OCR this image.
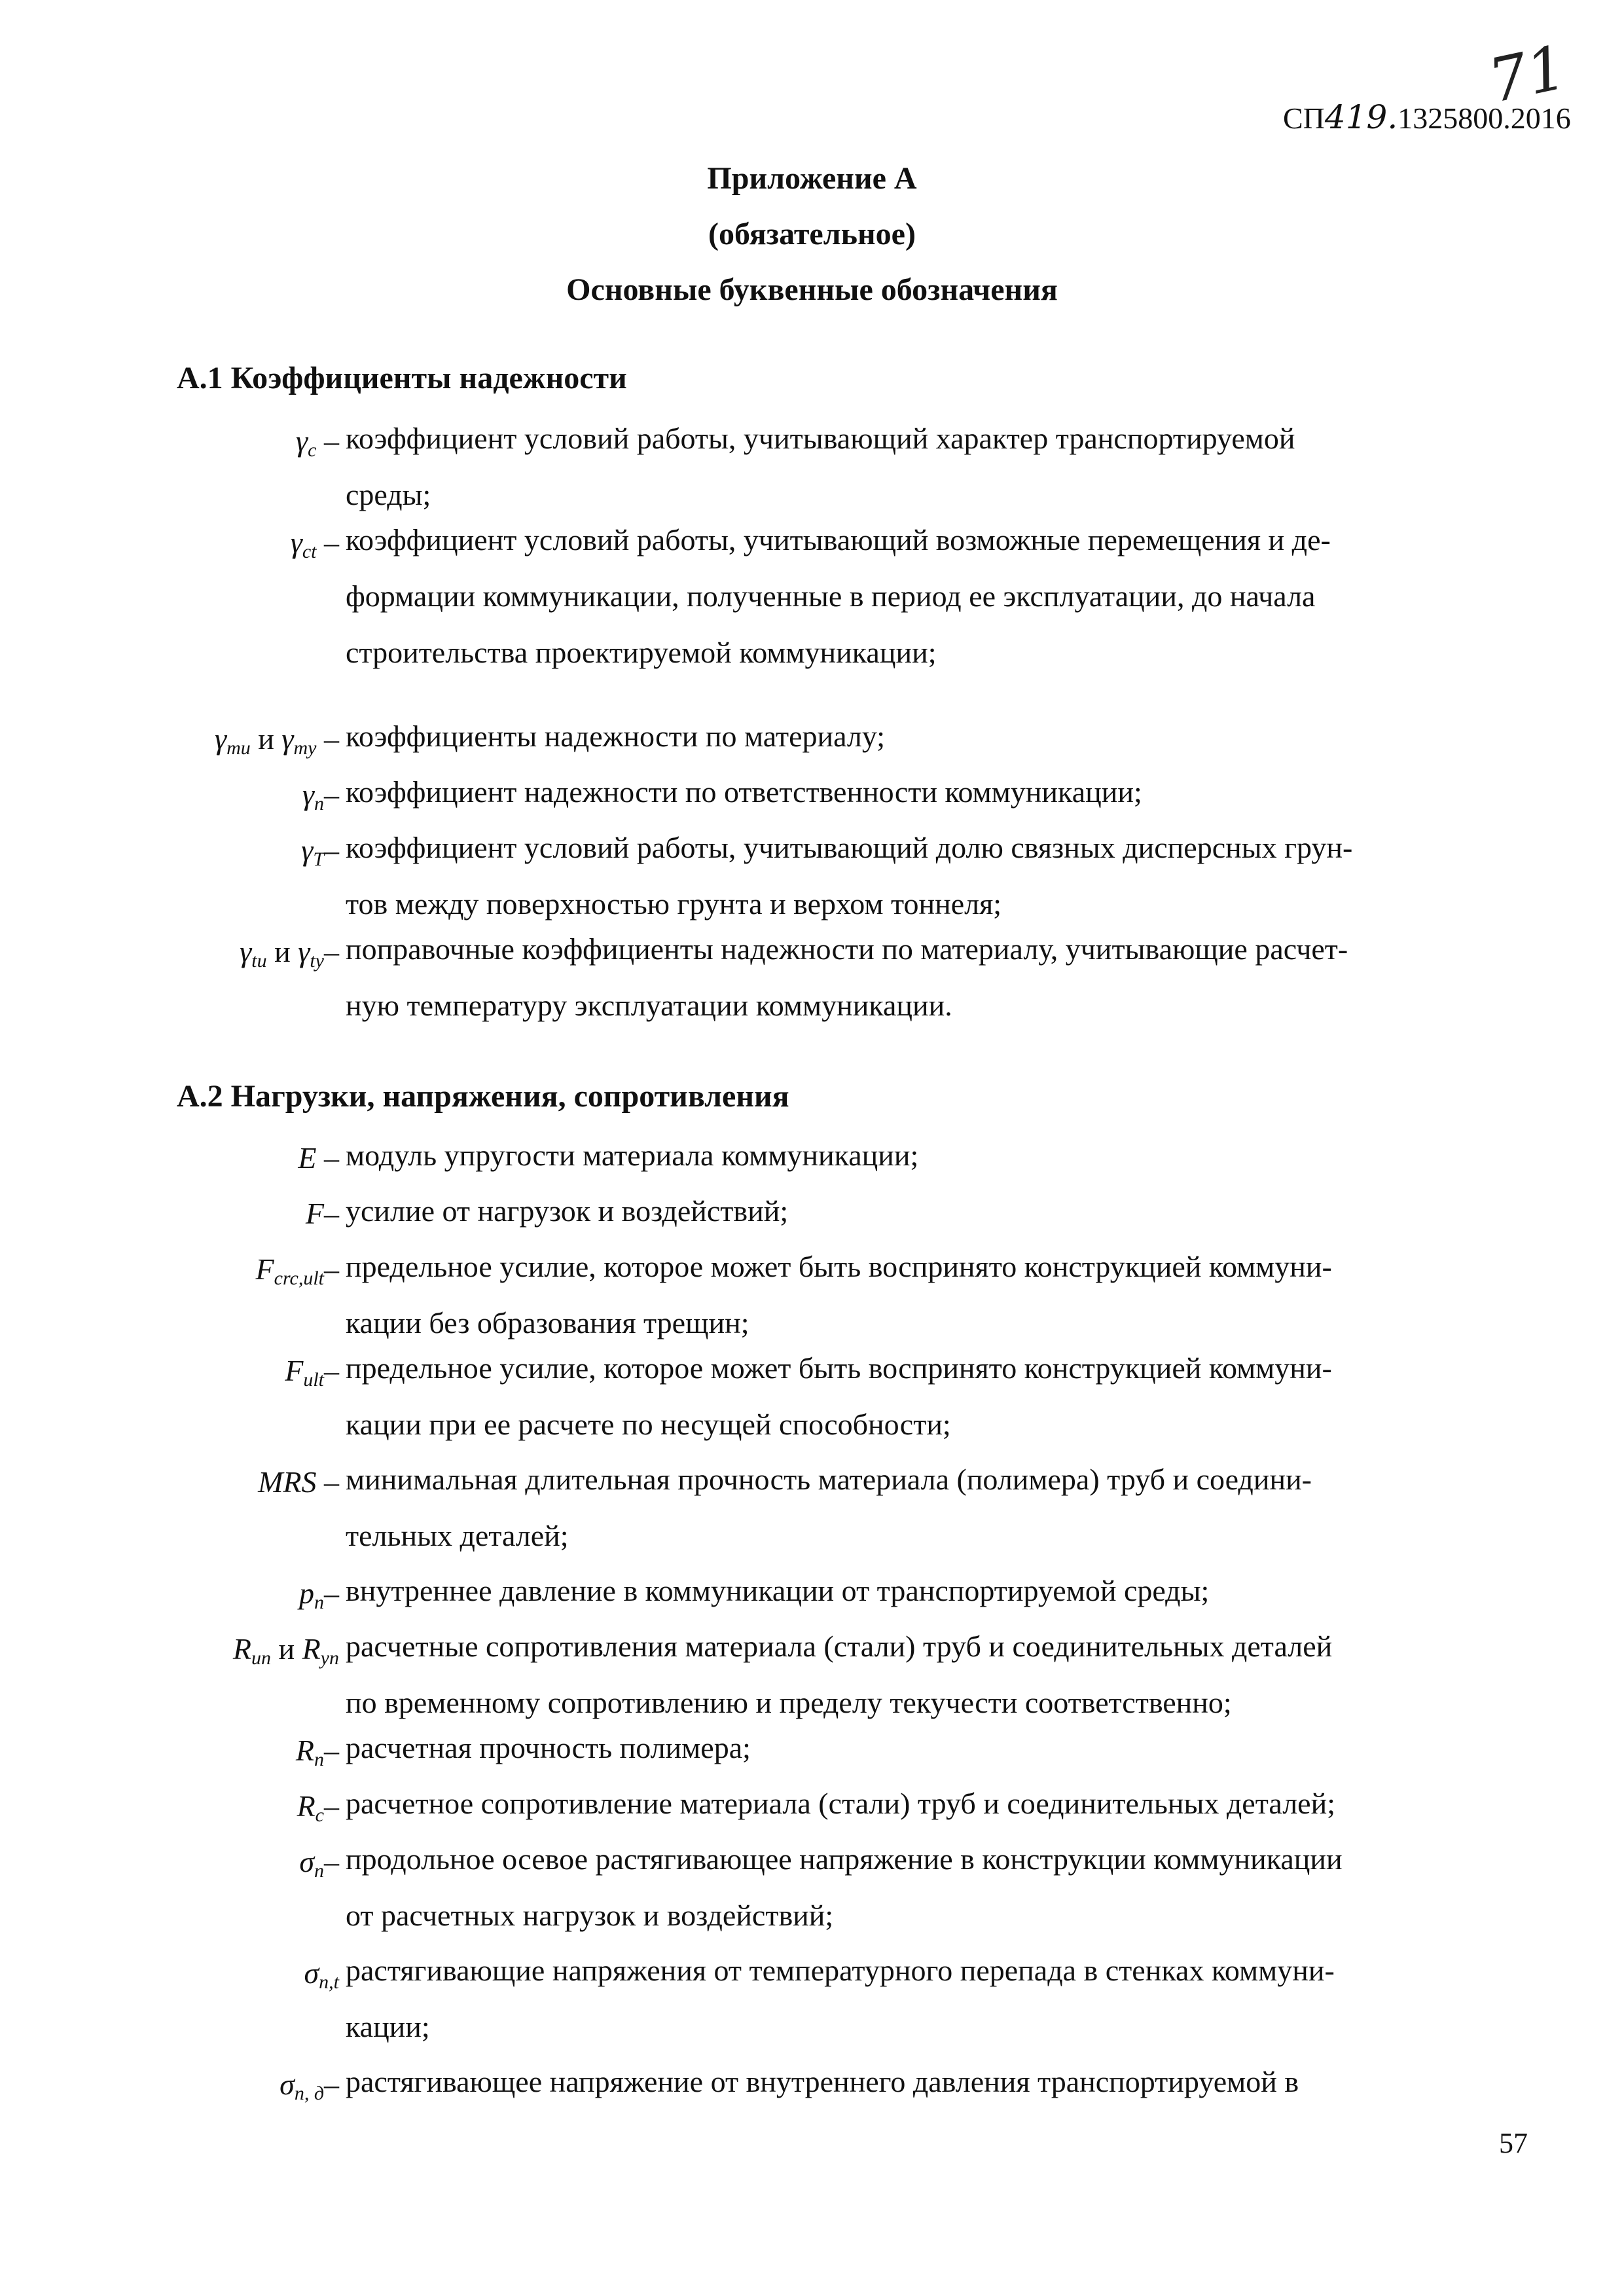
71
СП419.1325800.2016
Приложение А
(обязательное)
Основные буквенные обозначения
А.1 Коэффициенты надежности
А.2 Нагрузки, напряжения, сопротивления
$\gamma_c$ – коэффициент условий работы, учитывающий характер транспортируемой
среды;
$\gamma_{ct}$ – коэффициент условий работы, учитывающий возможные перемещения и де-
формации коммуникации, полученные в период ее эксплуатации, до начала
строительства проектируемой коммуникации;
$\gamma_{mu}$ и $\gamma_{my}$ – коэффициенты надежности по материалу;
$\gamma_n-$ коэффициент надежности по ответственности коммуникации;
$\gamma_T-$ коэффициент условий работы, учитывающий долю связных дисперсных грун-
тов между поверхностью грунта и верхом тоннеля;
$\gamma_{tu}$ и $\gamma_{ty}-$ поправочные коэффициенты надежности по материалу, учитывающие расчет-
ную температуру эксплуатации коммуникации.
E – модуль упругости материала коммуникации;
F– усилие от нагрузок и воздействий;
$F_{crc,ult}-$ предельное усилие, которое может быть воспринято конструкцией коммуни-
кации без образования трещин;
$F_{ult}-$ предельное усилие, которое может быть воспринято конструкцией коммуни-
кации при ее расчете по несущей способности;
MRS – минимальная длительная прочность материала (полимера) труб и соедини-
тельных деталей;
$p_n-$ внутреннее давление в коммуникации от транспортируемой среды;
$R_{un}$ и $R_{yn}$ расчетные сопротивления материала (стали) труб и соединительных деталей
по временному сопротивлению и пределу текучести соответственно;
$R_п-$ расчетная прочность полимера;
$R_с-$ расчетное сопротивление материала (стали) труб и соединительных деталей;
$\sigma_п-$ продольное осевое растягивающее напряжение в конструкции коммуникации
от расчетных нагрузок и воздействий;
$\sigma_{п,t}$ растягивающие напряжения от температурного перепада в стенках коммуни-
кации;
$\sigma_{п, д}-$ растягивающее напряжение от внутреннего давления транспортируемой в
57
